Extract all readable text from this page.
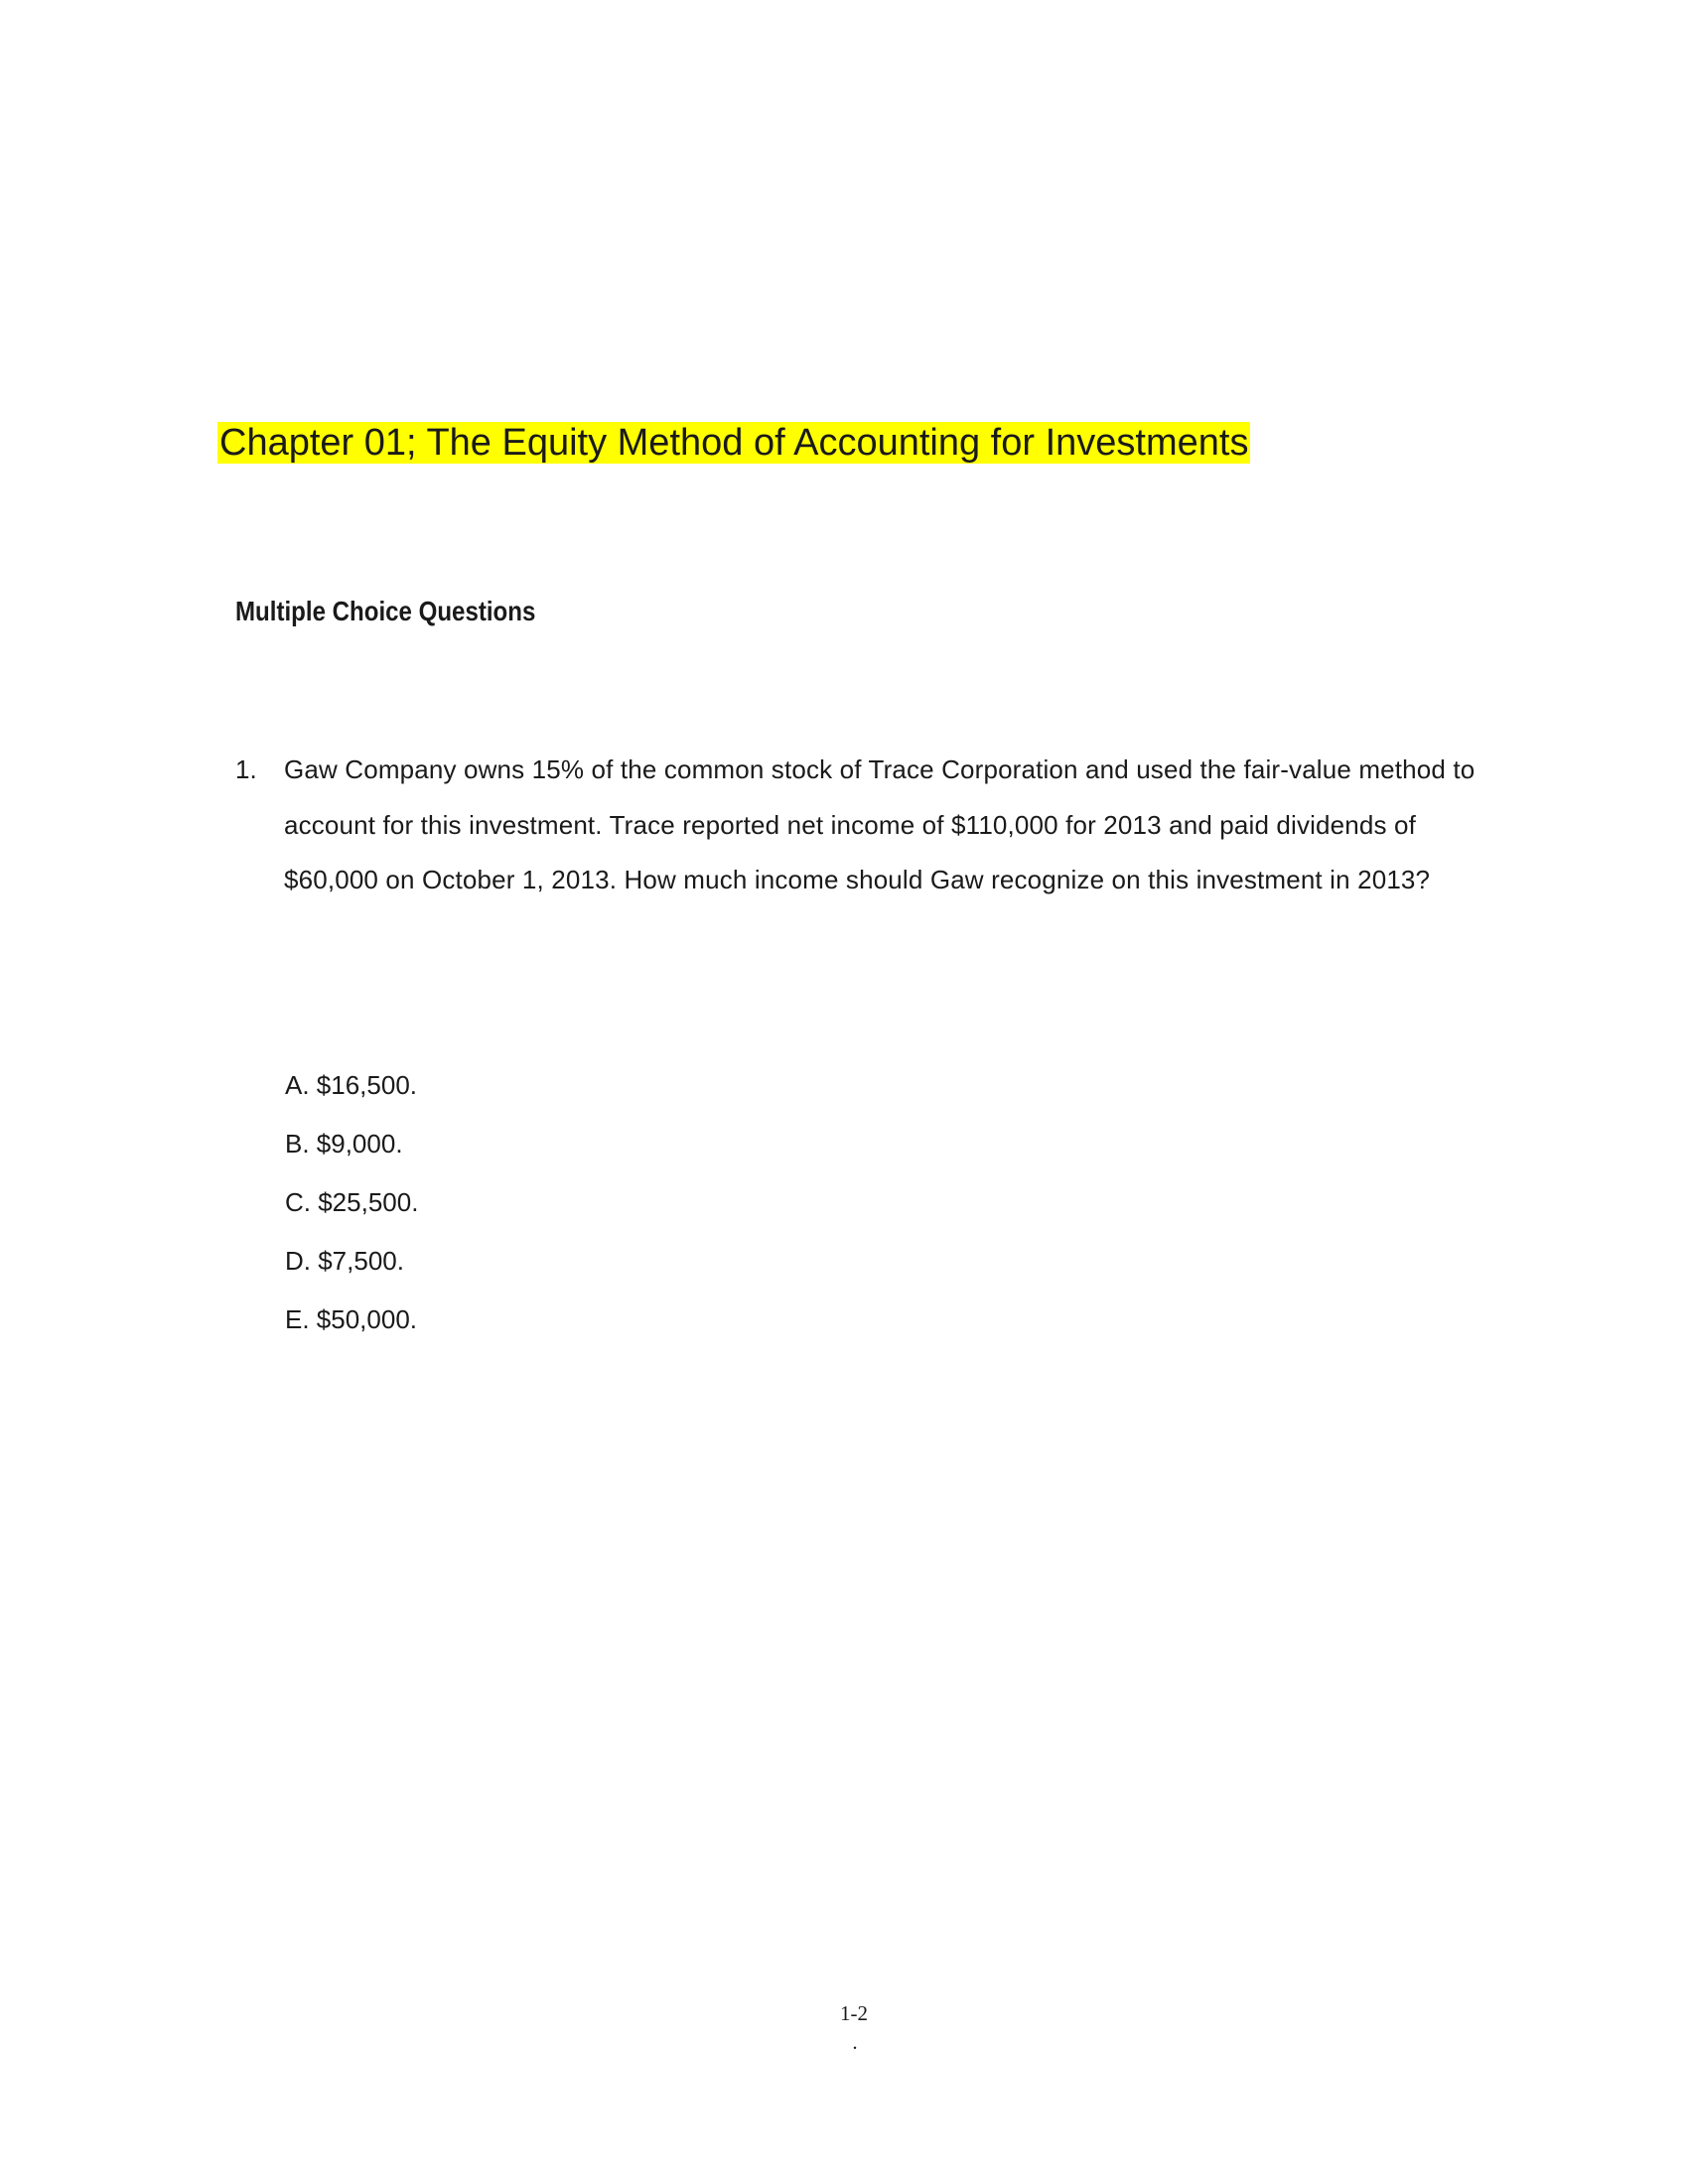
Chapter 01; The Equity Method of Accounting for Investments
Multiple Choice Questions
1. Gaw Company owns 15% of the common stock of Trace Corporation and used the fair-value method to account for this investment. Trace reported net income of $110,000 for 2013 and paid dividends of $60,000 on October 1, 2013. How much income should Gaw recognize on this investment in 2013?
A. $16,500.
B. $9,000.
C. $25,500.
D. $7,500.
E. $50,000.
1-2
.
